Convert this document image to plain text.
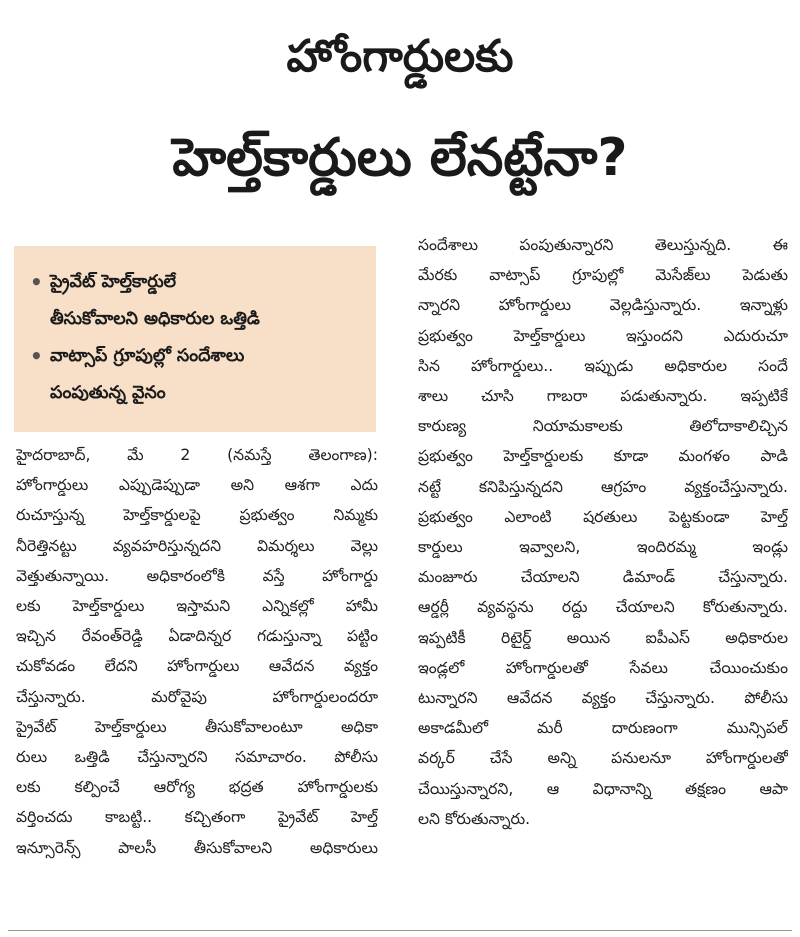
హోంగార్డులకు
హెల్త్‌కార్డులు లేనట్టేనా?
• ప్రైవేట్ హెల్త్‌కార్డులే
తీసుకోవాలని అధికారుల ఒత్తిడి
• వాట్సాప్ గ్రూపుల్లో సందేశాలు
పంపుతున్న వైనం
హైదరాబాద్, మే 2 (నమస్తే తెలంగాణ):
హోంగార్డులు ఎప్పుడెప్పుడా అని ఆశగా ఎదు
రుచూస్తున్న హెల్త్‌కార్డులపై ప్రభుత్వం నిమ్మకు
నీరెత్తినట్టు వ్యవహరిస్తున్నదని విమర్శలు వెల్లు
వెత్తుతున్నాయి. అధికారంలోకి వస్తే హోంగార్డు
లకు హెల్త్‌కార్డులు ఇస్తామని ఎన్నికల్లో హామీ
ఇచ్చిన రేవంత్‌రెడ్డి ఏడాదిన్నర గడుస్తున్నా పట్టిం
చుకోవడం లేదని హోంగార్డులు ఆవేదన వ్యక్తం
చేస్తున్నారు. మరోవైపు హోంగార్డులందరూ
ప్రైవేట్ హెల్త్‌కార్డులు తీసుకోవాలంటూ అధికా
రులు ఒత్తిడి చేస్తున్నారని సమాచారం. పోలీసు
లకు కల్పించే ఆరోగ్య భద్రత హోంగార్డులకు
వర్తించదు కాబట్టి.. కచ్చితంగా ప్రైవేట్ హెల్త్
ఇన్సూరెన్స్ పాలసీ తీసుకోవాలని అధికారులు
సందేశాలు పంపుతున్నారని తెలుస్తున్నది. ఈ
మేరకు వాట్సాప్ గ్రూపుల్లో మెసేజ్‌లు పెడుతు
న్నారని హోంగార్డులు వెల్లడిస్తున్నారు. ఇన్నాళ్లు
ప్రభుత్వం హెల్త్‌కార్డులు ఇస్తుందని ఎదురుచూ
సిన హోంగార్డులు.. ఇప్పుడు అధికారుల సందే
శాలు చూసి గాబరా పడుతున్నారు. ఇప్పటికే
కారుణ్య నియామకాలకు తిలోదాకాలిచ్చిన
ప్రభుత్వం హెల్త్‌కార్డులకు కూడా మంగళం పాడి
నట్టే కనిపిస్తున్నదని ఆగ్రహం వ్యక్తంచేస్తున్నారు.
ప్రభుత్వం ఎలాంటి షరతులు పెట్టకుండా హెల్త్
కార్డులు ఇవ్వాలని, ఇందిరమ్మ ఇండ్లు
మంజూరు చేయాలని డిమాండ్ చేస్తున్నారు.
ఆర్డర్లీ వ్యవస్థను రద్దు చేయాలని కోరుతున్నారు.
ఇప్పటికీ రిటైర్డ్ అయిన ఐపీఎస్ అధికారుల
ఇండ్లలో హోంగార్డులతో సేవలు చేయించుకుం
టున్నారని ఆవేదన వ్యక్తం చేస్తున్నారు. పోలీసు
అకాడమీలో మరీ దారుణంగా మున్సిపల్
వర్కర్ చేసే అన్ని పనులనూ హోంగార్డులతో
చేయిస్తున్నారని, ఆ విధానాన్ని తక్షణం ఆపా
లని కోరుతున్నారు.
